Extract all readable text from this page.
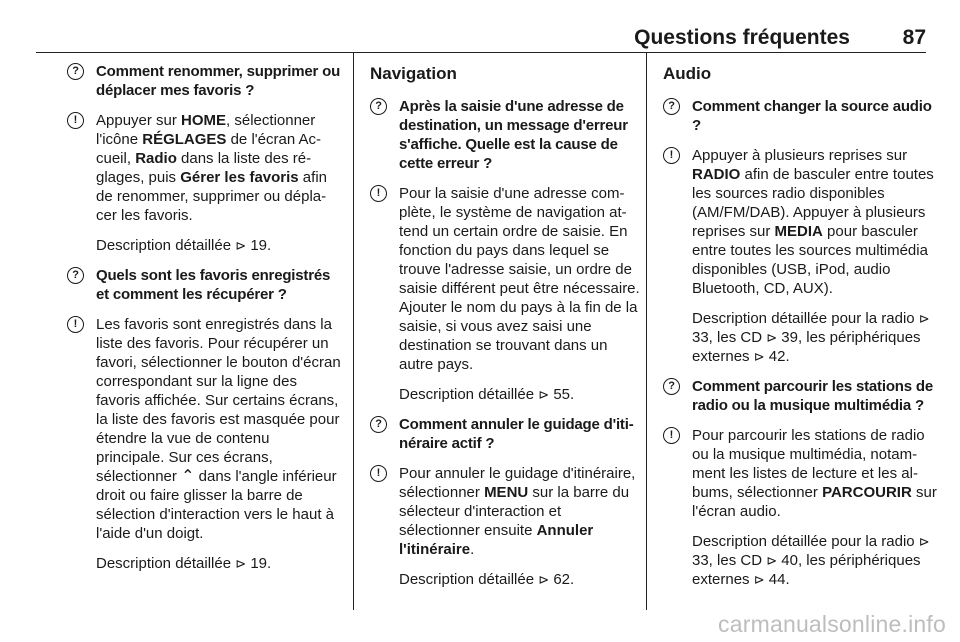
Questions fréquentes	87
?	Comment renommer, supprimer ou déplacer mes favoris ?
!	Appuyer sur HOME, sélectionner l'icône RÉGLAGES de l'écran Accueil, Radio dans la liste des réglages, puis Gérer les favoris afin de renommer, supprimer ou déplacer les favoris.

Description détaillée ⊳ 19.
?	Quels sont les favoris enregistrés et comment les récupérer ?
!	Les favoris sont enregistrés dans la liste des favoris. Pour récupérer un favori, sélectionner le bouton d'écran correspondant sur la ligne des favoris affichée. Sur certains écrans, la liste des favoris est masquée pour étendre la vue de contenu principale. Sur ces écrans, sélectionner ⌃ dans l'angle inférieur droit ou faire glisser la barre de sélection d'interaction vers le haut à l'aide d'un doigt.

Description détaillée ⊳ 19.
Navigation
?	Après la saisie d'une adresse de destination, un message d'erreur s'affiche. Quelle est la cause de cette erreur ?
!	Pour la saisie d'une adresse complète, le système de navigation attend un certain ordre de saisie. En fonction du pays dans lequel se trouve l'adresse saisie, un ordre de saisie différent peut être nécessaire. Ajouter le nom du pays à la fin de la saisie, si vous avez saisi une destination se trouvant dans un autre pays.

Description détaillée ⊳ 55.
?	Comment annuler le guidage d'itinéraire actif ?
!	Pour annuler le guidage d'itinéraire, sélectionner MENU sur la barre du sélecteur d'interaction et sélectionner ensuite Annuler l'itinéraire.

Description détaillée ⊳ 62.
Audio
?	Comment changer la source audio ?
!	Appuyer à plusieurs reprises sur RADIO afin de basculer entre toutes les sources radio disponibles (AM/FM/DAB). Appuyer à plusieurs reprises sur MEDIA pour basculer entre toutes les sources multimédia disponibles (USB, iPod, audio Bluetooth, CD, AUX).

Description détaillée pour la radio ⊳ 33, les CD ⊳ 39, les périphériques externes ⊳ 42.
?	Comment parcourir les stations de radio ou la musique multimédia ?
!	Pour parcourir les stations de radio ou la musique multimédia, notamment les listes de lecture et les albums, sélectionner PARCOURIR sur l'écran audio.

Description détaillée pour la radio ⊳ 33, les CD ⊳ 40, les périphériques externes ⊳ 44.
carmanualsonline.info
